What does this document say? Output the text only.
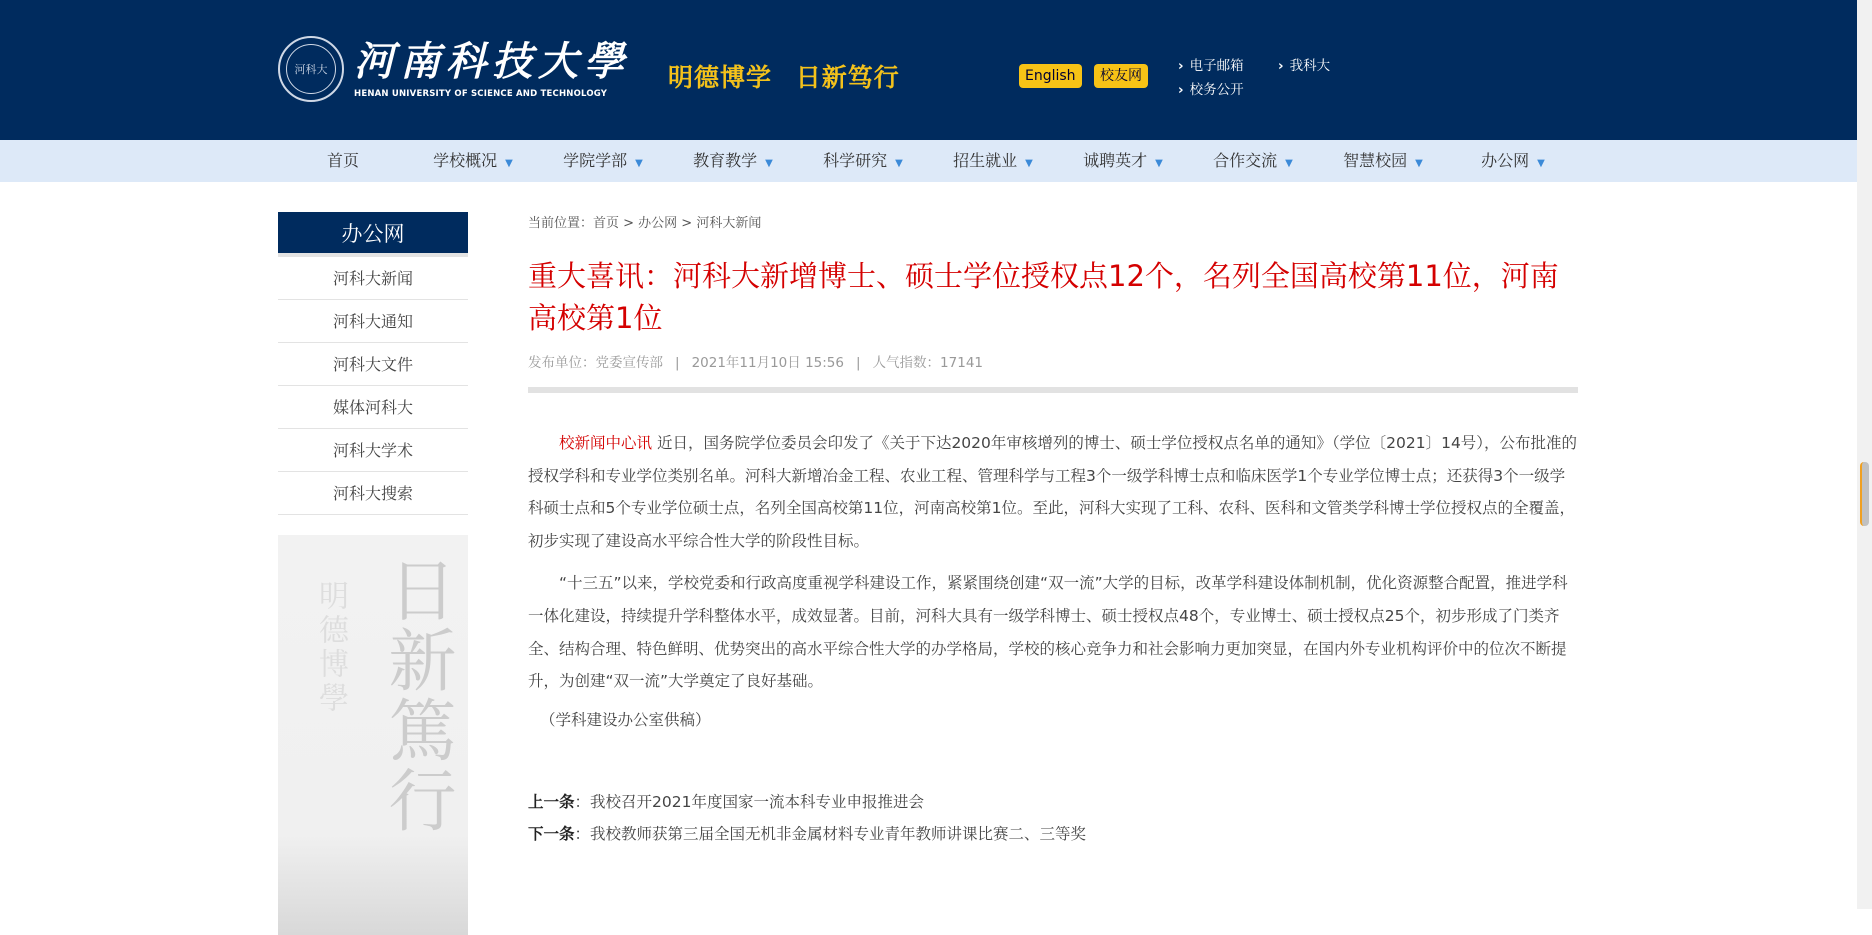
河科大 河南科技大學
HENAN UNIVERSITY OF SCIENCE AND TECHNOLOGY
明德博学 日新笃行	English	校友网
› 电子邮箱	› 我科大
› 校务公开
首页	学校概况 ▼	学院学部 ▼	教育教学 ▼	科学研究 ▼	招生就业 ▼	诚聘英才 ▼	合作交流 ▼	智慧校园 ▼	办公网 ▼
办公网
河科大新闻
河科大通知
河科大文件
媒体河科大
河科大学术
河科大搜索
明德博學 日新篤行
当前位置：首页 > 办公网 > 河科大新闻
重大喜讯：河科大新增博士、硕士学位授权点12个，名列全国高校第11位，河南高校第1位
发布单位：党委宣传部 | 2021年11月10日 15:56 | 人气指数：17141

校新闻中心讯 近日，国务院学位委员会印发了《关于下达2020年审核增列的博士、硕士学位授权点名单的通知》（学位〔2021〕14号），公布批准的授权学科和专业学位类别名单。河科大新增冶金工程、农业工程、管理科学与工程3个一级学科博士点和临床医学1个专业学位博士点；还获得3个一级学科硕士点和5个专业学位硕士点，名列全国高校第11位，河南高校第1位。至此，河科大实现了工科、农科、医科和文管类学科博士学位授权点的全覆盖，初步实现了建设高水平综合性大学的阶段性目标。

“十三五”以来，学校党委和行政高度重视学科建设工作，紧紧围绕创建“双一流”大学的目标，改革学科建设体制机制，优化资源整合配置，推进学科一体化建设，持续提升学科整体水平，成效显著。目前，河科大具有一级学科博士、硕士授权点48个，专业博士、硕士授权点25个，初步形成了门类齐全、结构合理、特色鲜明、优势突出的高水平综合性大学的办学格局，学校的核心竞争力和社会影响力更加突显，在国内外专业机构评价中的位次不断提升，为创建“双一流”大学奠定了良好基础。

（学科建设办公室供稿）
上一条：我校召开2021年度国家一流本科专业申报推进会
下一条：我校教师获第三届全国无机非金属材料专业青年教师讲课比赛二、三等奖
